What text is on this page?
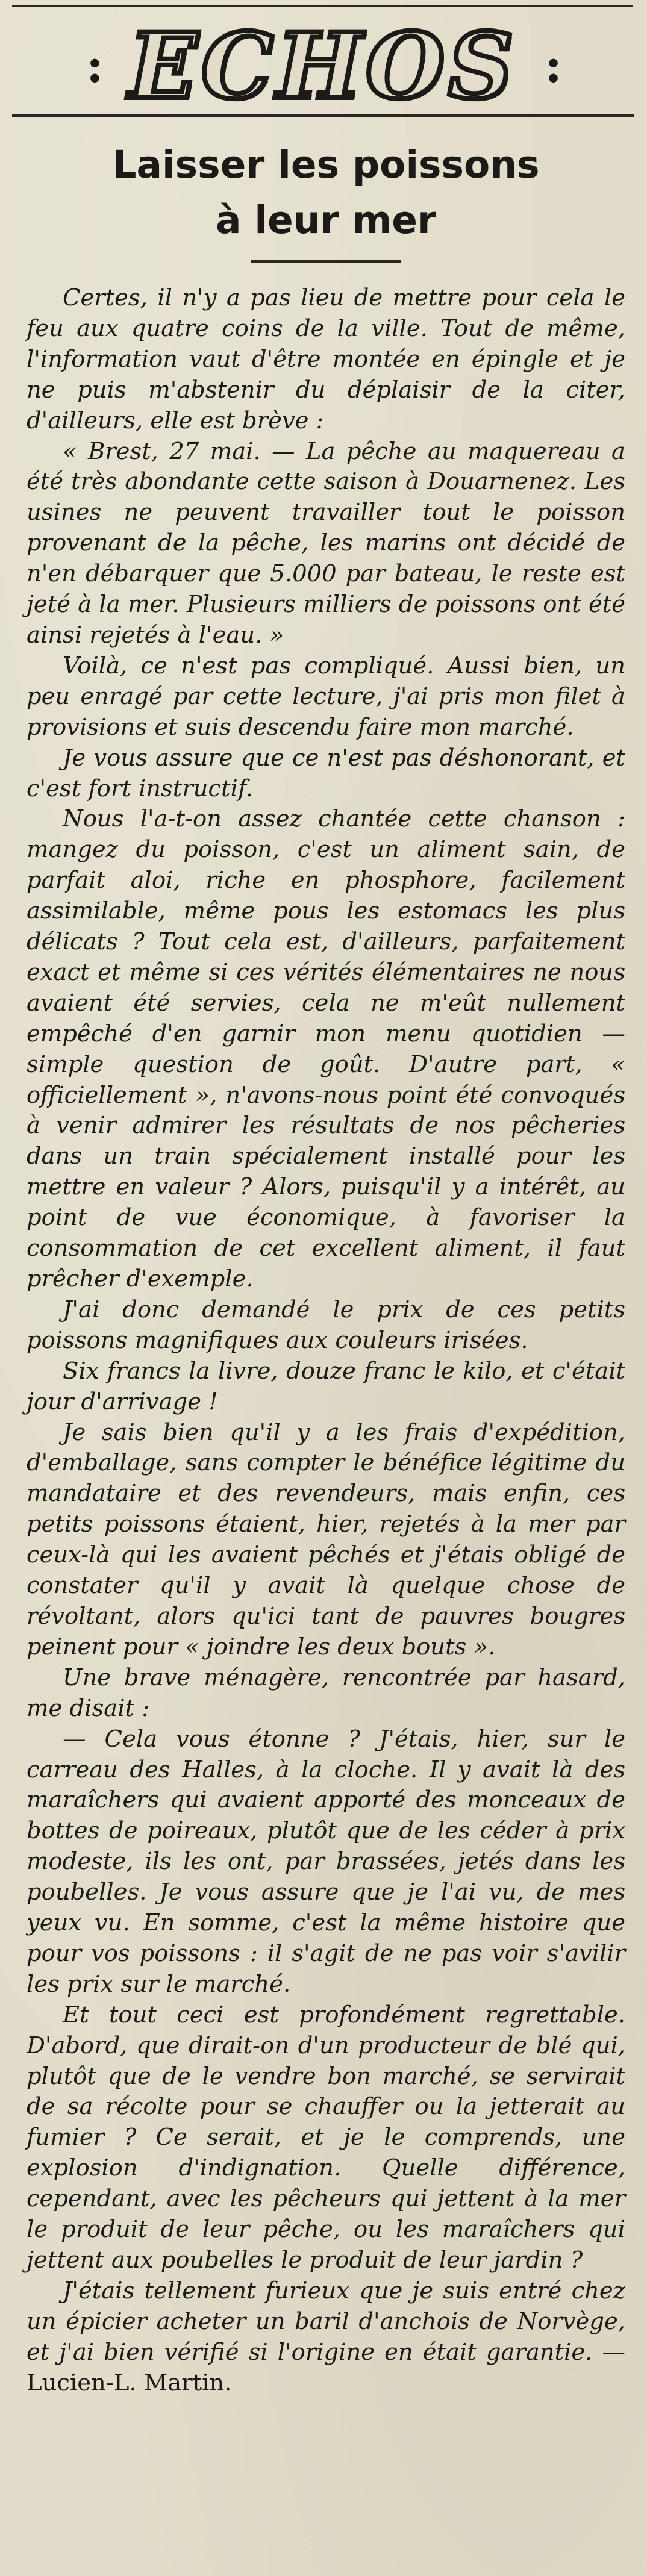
: ECHOS :
Laisser les poissons
à leur mer

Certes, il n'y a pas lieu de mettre pour cela le feu aux quatre coins de la ville. Tout de même, l'information vaut d'être montée en épingle et je ne puis m'abstenir du déplaisir de la citer, d'ailleurs, elle est brève :

« Brest, 27 mai. — La pêche au maquereau a été très abondante cette saison à Douarnenez. Les usines ne peuvent travailler tout le poisson provenant de la pêche, les marins ont décidé de n'en débarquer que 5.000 par bateau, le reste est jeté à la mer. Plusieurs milliers de poissons ont été ainsi rejetés à l'eau. »

Voilà, ce n'est pas compliqué. Aussi bien, un peu enragé par cette lecture, j'ai pris mon filet à provisions et suis descendu faire mon marché.

Je vous assure que ce n'est pas déshonorant, et c'est fort instructif.

Nous l'a-t-on assez chantée cette chanson : mangez du poisson, c'est un aliment sain, de parfait aloi, riche en phosphore, facilement assimilable, même pous les estomacs les plus délicats ? Tout cela est, d'ailleurs, parfaitement exact et même si ces vérités élémentaires ne nous avaient été servies, cela ne m'eût nullement empêché d'en garnir mon menu quotidien — simple question de goût. D'autre part, « officiellement », n'avons-nous point été convoqués à venir admirer les résultats de nos pêcheries dans un train spécialement installé pour les mettre en valeur ? Alors, puisqu'il y a intérêt, au point de vue économique, à favoriser la consommation de cet excellent aliment, il faut prêcher d'exemple.

J'ai donc demandé le prix de ces petits poissons magnifiques aux couleurs irisées.

Six francs la livre, douze franc le kilo, et c'était jour d'arrivage !

Je sais bien qu'il y a les frais d'expédition, d'emballage, sans compter le bénéfice légitime du mandataire et des revendeurs, mais enfin, ces petits poissons étaient, hier, rejetés à la mer par ceux-là qui les avaient pêchés et j'étais obligé de constater qu'il y avait là quelque chose de révoltant, alors qu'ici tant de pauvres bougres peinent pour « joindre les deux bouts ».

Une brave ménagère, rencontrée par hasard, me disait :

— Cela vous étonne ? J'étais, hier, sur le carreau des Halles, à la cloche. Il y avait là des maraîchers qui avaient apporté des monceaux de bottes de poireaux, plutôt que de les céder à prix modeste, ils les ont, par brassées, jetés dans les poubelles. Je vous assure que je l'ai vu, de mes yeux vu. En somme, c'est la même histoire que pour vos poissons : il s'agit de ne pas voir s'avilir les prix sur le marché.

Et tout ceci est profondément regrettable. D'abord, que dirait-on d'un producteur de blé qui, plutôt que de le vendre bon marché, se servirait de sa récolte pour se chauffer ou la jetterait au fumier ? Ce serait, et je le comprends, une explosion d'indignation. Quelle différence, cependant, avec les pêcheurs qui jettent à la mer le produit de leur pêche, ou les maraîchers qui jettent aux poubelles le produit de leur jardin ?

J'étais tellement furieux que je suis entré chez un épicier acheter un baril d'anchois de Norvège, et j'ai bien vérifié si l'origine en était garantie. — Lucien-L. Martin.
